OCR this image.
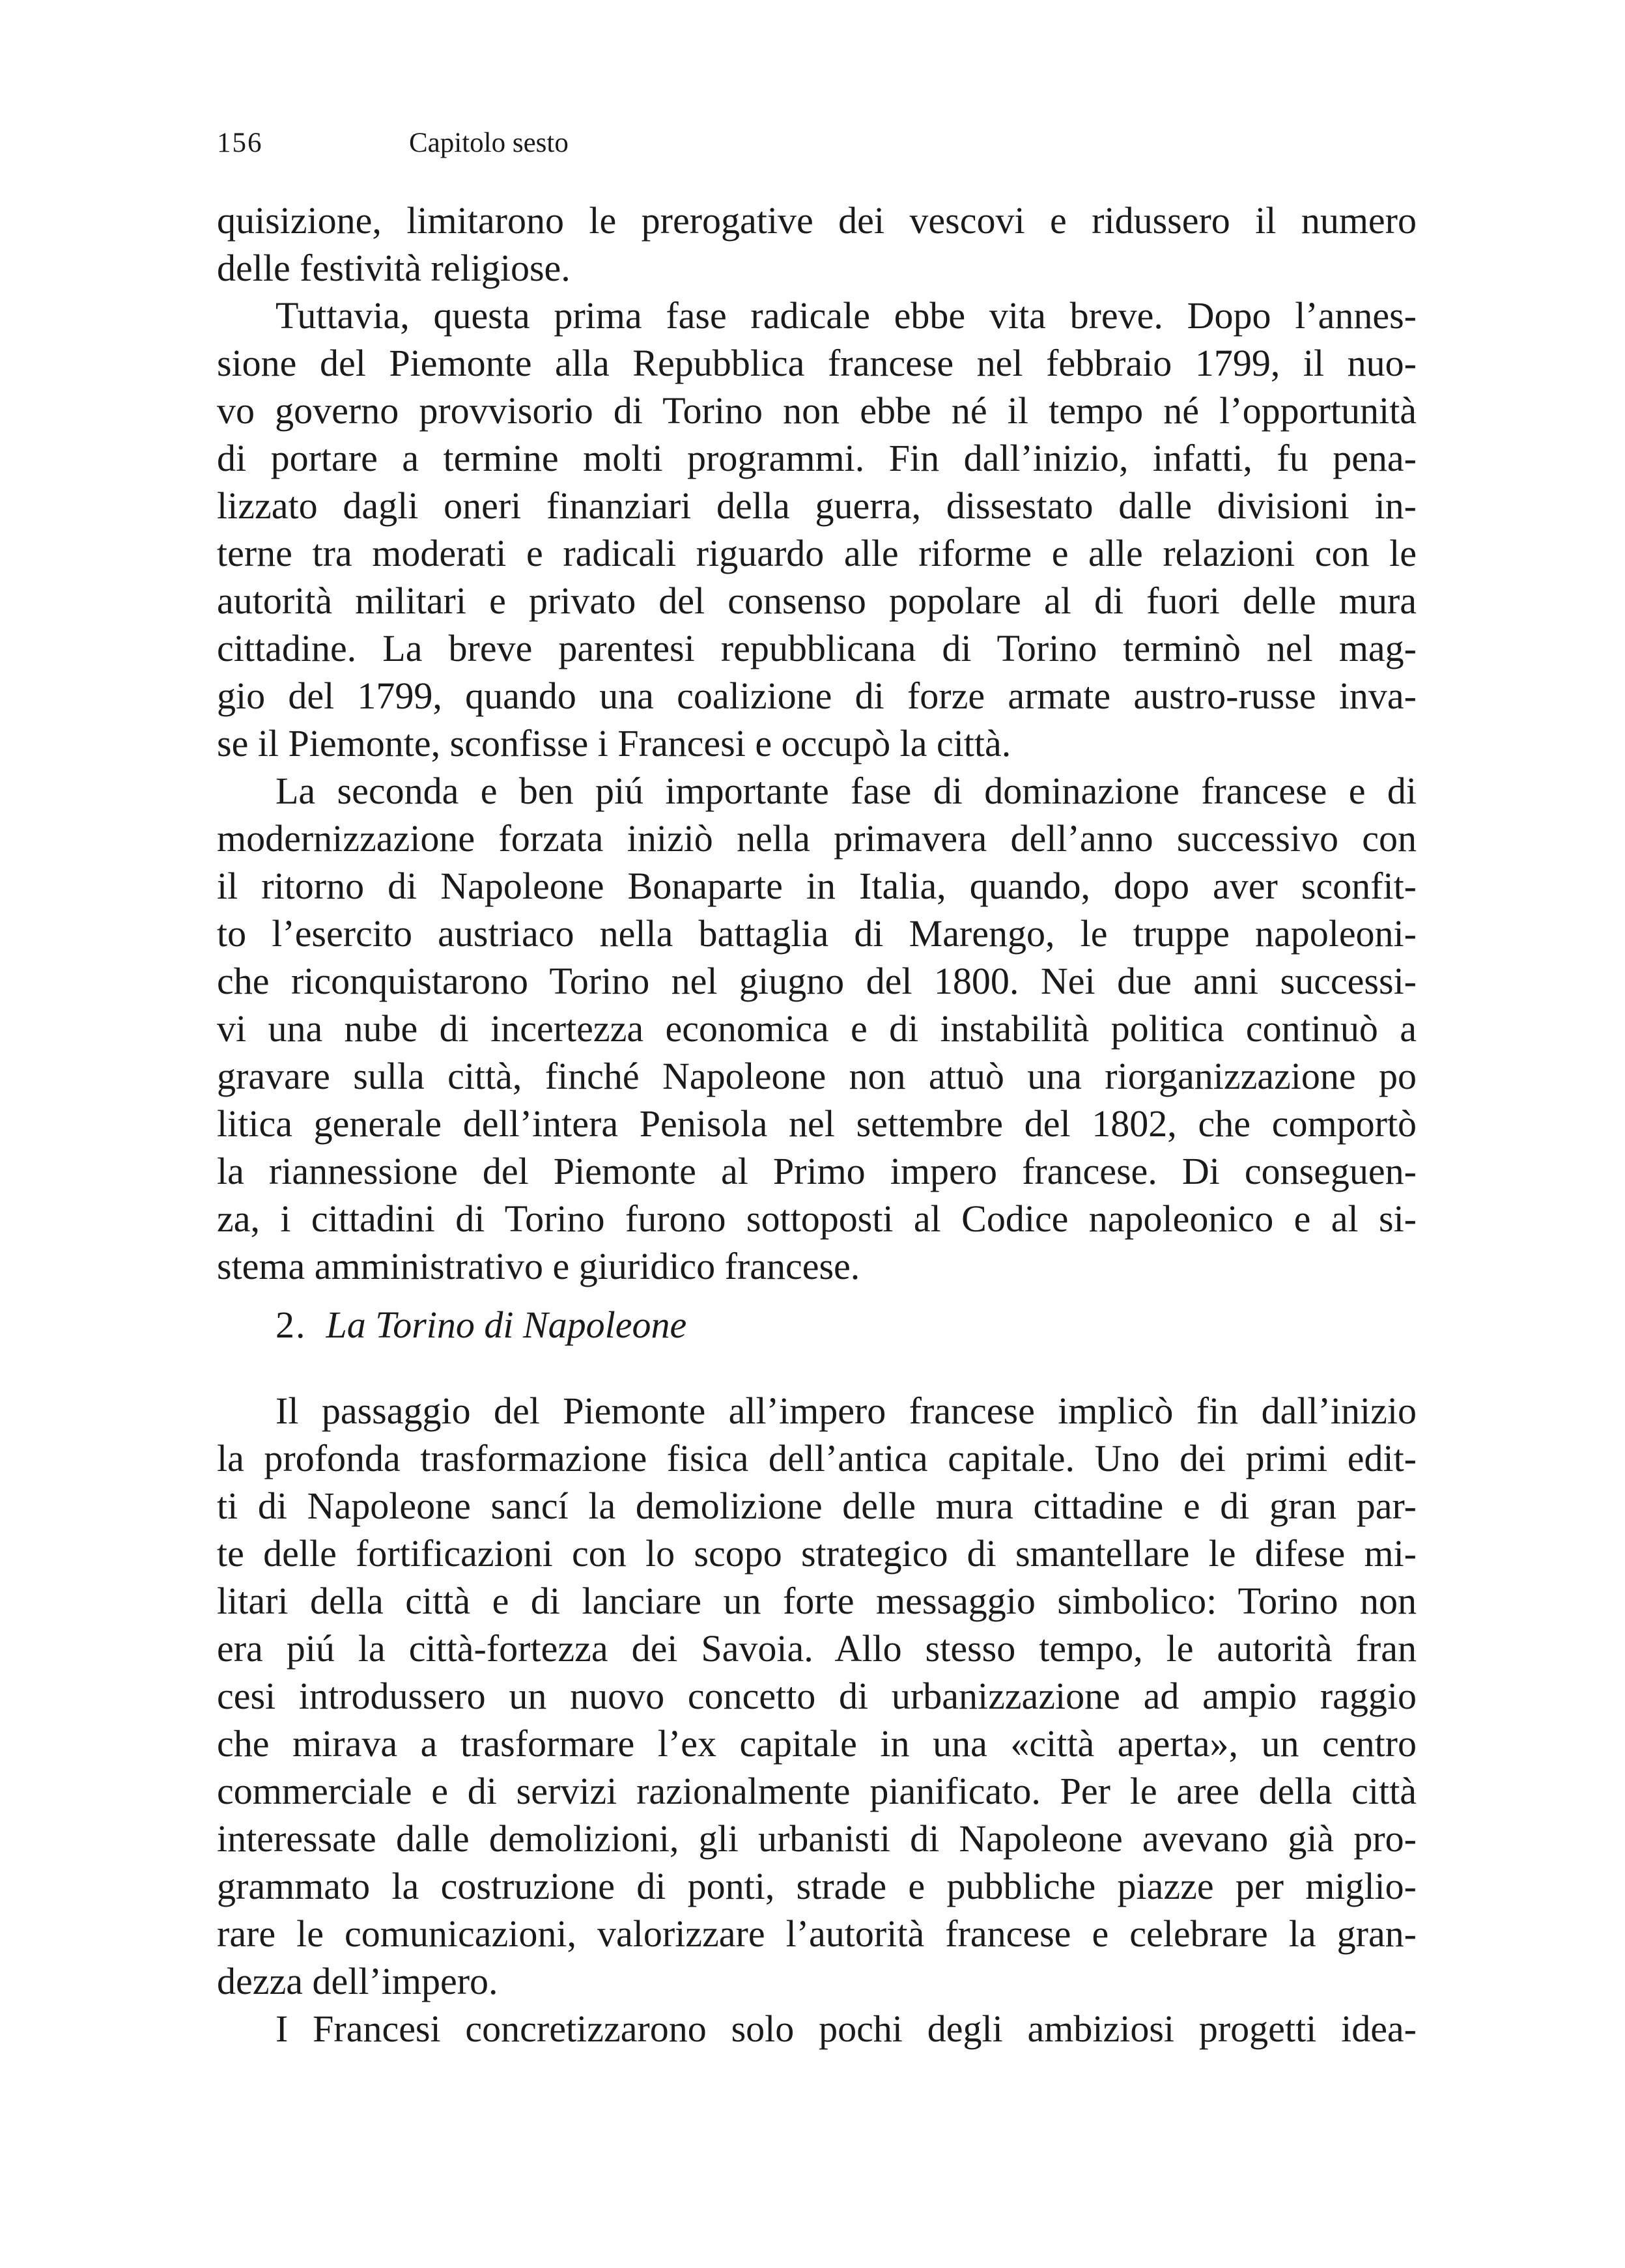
156	Capitolo sesto
quisizione, limitarono le prerogative dei vescovi e ridussero il numero
delle festività religiose.
Tuttavia, questa prima fase radicale ebbe vita breve. Dopo l’annes-
sione del Piemonte alla Repubblica francese nel febbraio 1799, il nuo-
vo governo provvisorio di Torino non ebbe né il tempo né l’opportunità
di portare a termine molti programmi. Fin dall’inizio, infatti, fu pena-
lizzato dagli oneri finanziari della guerra, dissestato dalle divisioni in-
terne tra moderati e radicali riguardo alle riforme e alle relazioni con le
autorità militari e privato del consenso popolare al di fuori delle mura
cittadine. La breve parentesi repubblicana di Torino terminò nel mag-
gio del 1799, quando una coalizione di forze armate austro-russe inva-
se il Piemonte, sconfisse i Francesi e occupò la città.
La seconda e ben piú importante fase di dominazione francese e di
modernizzazione forzata iniziò nella primavera dell’anno successivo con
il ritorno di Napoleone Bonaparte in Italia, quando, dopo aver sconfit-
to l’esercito austriaco nella battaglia di Marengo, le truppe napoleoni-
che riconquistarono Torino nel giugno del 1800. Nei due anni successi-
vi una nube di incertezza economica e di instabilità politica continuò a
gravare sulla città, finché Napoleone non attuò una riorganizzazione po
litica generale dell’intera Penisola nel settembre del 1802, che comportò
la riannessione del Piemonte al Primo impero francese. Di conseguen-
za, i cittadini di Torino furono sottoposti al Codice napoleonico e al si-
stema amministrativo e giuridico francese.
2. La Torino di Napoleone
Il passaggio del Piemonte all’impero francese implicò fin dall’inizio
la profonda trasformazione fisica dell’antica capitale. Uno dei primi edit-
ti di Napoleone sancí la demolizione delle mura cittadine e di gran par-
te delle fortificazioni con lo scopo strategico di smantellare le difese mi-
litari della città e di lanciare un forte messaggio simbolico: Torino non
era piú la città-fortezza dei Savoia. Allo stesso tempo, le autorità fran
cesi introdussero un nuovo concetto di urbanizzazione ad ampio raggio
che mirava a trasformare l’ex capitale in una «città aperta», un centro
commerciale e di servizi razionalmente pianificato. Per le aree della città
interessate dalle demolizioni, gli urbanisti di Napoleone avevano già pro-
grammato la costruzione di ponti, strade e pubbliche piazze per miglio-
rare le comunicazioni, valorizzare l’autorità francese e celebrare la gran-
dezza dell’impero.
I Francesi concretizzarono solo pochi degli ambiziosi progetti idea-
